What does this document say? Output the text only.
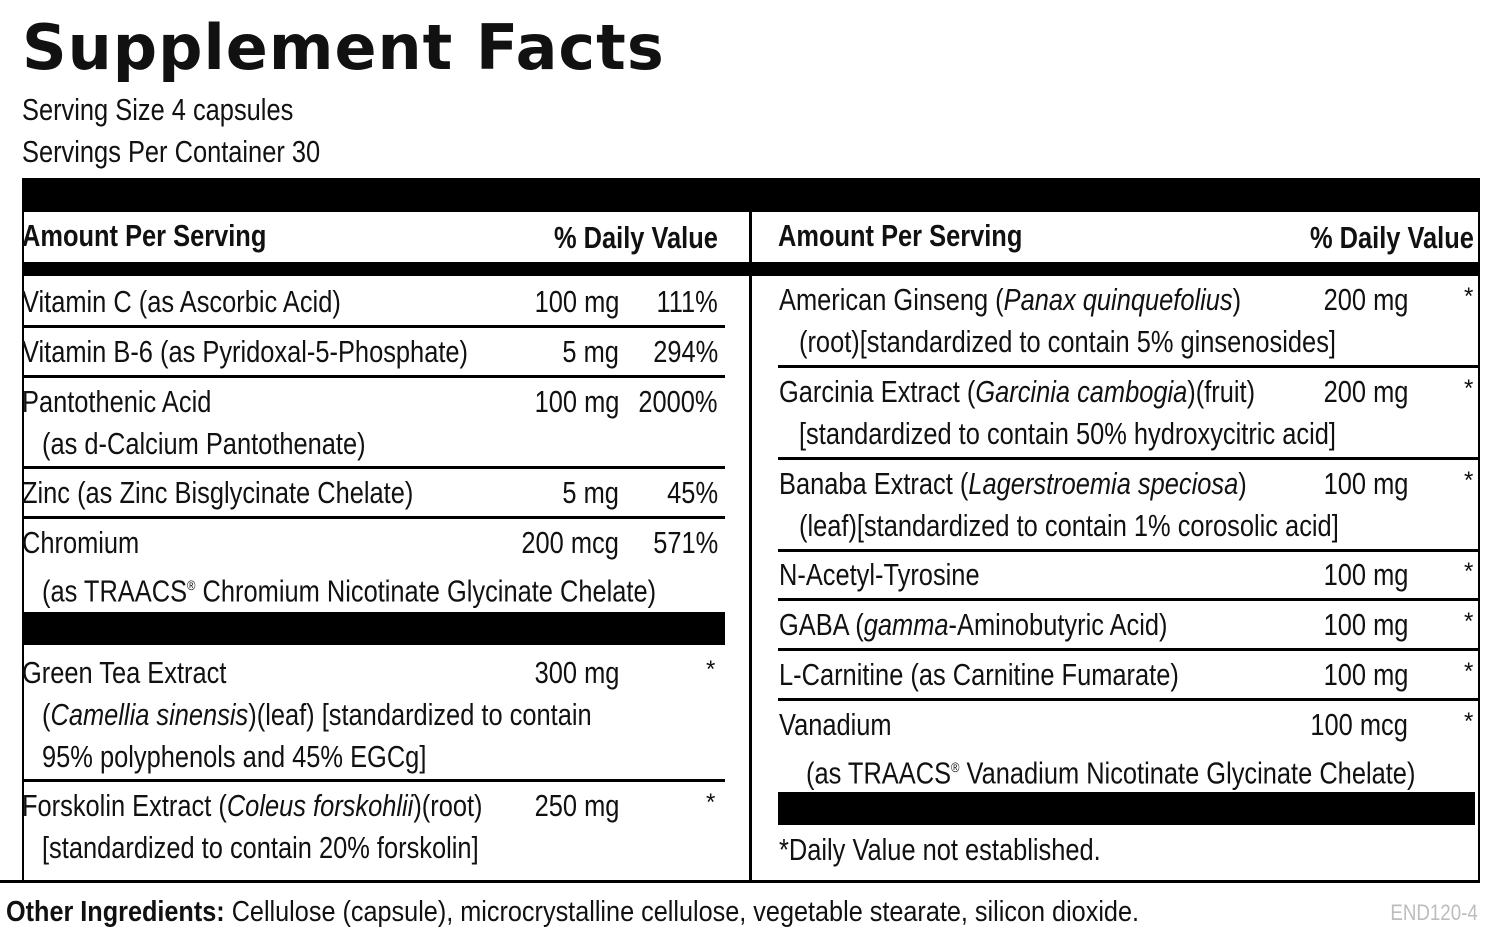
Supplement Facts
Serving Size 4 capsules
Servings Per Container 30
Amount Per Serving	% Daily Value Amount Per Serving	% Daily Value
Vitamin C (as Ascorbic Acid)	100 mg 111%
Vitamin B-6 (as Pyridoxal-5-Phosphate)	5 mg 294%
Pantothenic Acid
(as d-Calcium Pantothenate)
100 mg 2000%
Zinc (as Zinc Bisglycinate Chelate)	5 mg 45%
Chromium
(as TRAACS® Chromium Nicotinate Glycinate Chelate)
200 mcg 571%
Green Tea Extract
(Camellia sinensis)(leaf) [standardized to contain
95% polyphenols and 45% EGCg]
300 mg	*
Forskolin Extract (Coleus forskohlii)(root)
[standardized to contain 20% forskolin]
250 mg	*
American Ginseng (Panax quinquefolius)
(root)[standardized to contain 5% ginsenosides]
200 mg *
Garcinia Extract (Garcinia cambogia)(fruit)
[standardized to contain 50% hydroxycitric acid]
200 mg *
Banaba Extract (Lagerstroemia speciosa)
(leaf)[standardized to contain 1% corosolic acid]
100 mg *
N-Acetyl-Tyrosine	100 mg *
GABA (gamma-Aminobutyric Acid)	100 mg *
L-Carnitine (as Carnitine Fumarate)	100 mg *
Vanadium
(as TRAACS® Vanadium Nicotinate Glycinate Chelate)
100 mcg *
*Daily Value not established.
Other Ingredients: Cellulose (capsule), microcrystalline cellulose, vegetable stearate, silicon dioxide.	END120-4
